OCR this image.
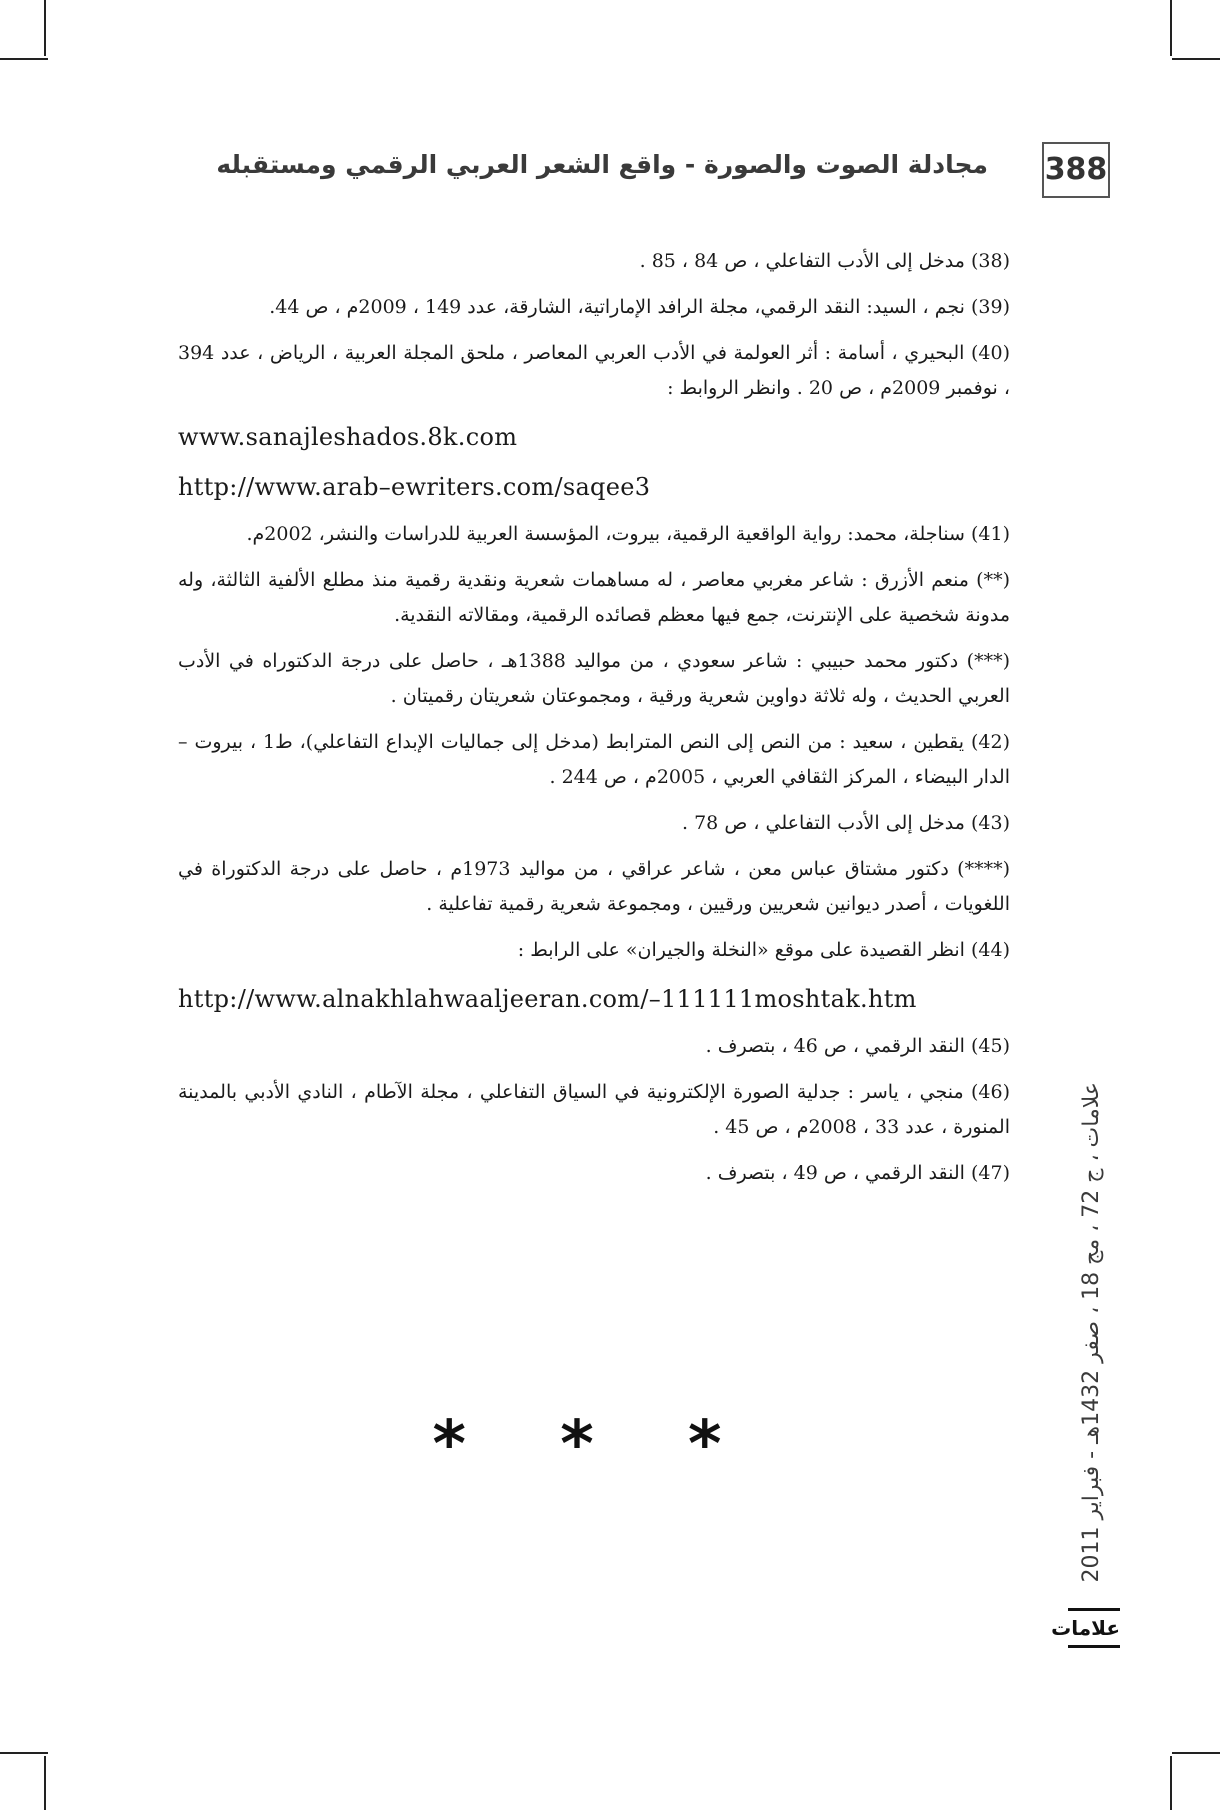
مجادلة الصوت والصورة - واقع الشعر العربي الرقمي ومستقبله 388
(38) مدخل إلى الأدب التفاعلي ، ص 84 ، 85 .
(39) نجم ، السيد: النقد الرقمي، مجلة الرافد الإماراتية، الشارقة، عدد 149 ، 2009م ، ص 44.
(40) البحيري ، أسامة : أثر العولمة في الأدب العربي المعاصر ، ملحق المجلة العربية ، الرياض ، عدد 394 ، نوفمبر 2009م ، ص 20 . وانظر الروابط :
www.sanajleshados.8k.com
http://www.arab–ewriters.com/saqee3
(41) سناجلة، محمد: رواية الواقعية الرقمية، بيروت، المؤسسة العربية للدراسات والنشر، 2002م.
(**) منعم الأزرق : شاعر مغربي معاصر ، له مساهمات شعرية ونقدية رقمية منذ مطلع الألفية الثالثة، وله مدونة شخصية على الإنترنت، جمع فيها معظم قصائده الرقمية، ومقالاته النقدية.
(***) دكتور محمد حبيبي : شاعر سعودي ، من مواليد 1388هـ ، حاصل على درجة الدكتوراه في الأدب العربي الحديث ، وله ثلاثة دواوين شعرية ورقية ، ومجموعتان شعريتان رقميتان .
(42) يقطين ، سعيد : من النص إلى النص المترابط (مدخل إلى جماليات الإبداع التفاعلي)، ط1 ، بيروت –الدار البيضاء ، المركز الثقافي العربي ، 2005م ، ص 244 .
(43) مدخل إلى الأدب التفاعلي ، ص 78 .
(****) دكتور مشتاق عباس معن ، شاعر عراقي ، من مواليد 1973م ، حاصل على درجة الدكتوراة في اللغويات ، أصدر ديوانين شعريين ورقيين ، ومجموعة شعرية رقمية تفاعلية .
(44) انظر القصيدة على موقع «النخلة والجيران» على الرابط :
http://www.alnakhlahwaaljeeran.com/–111111moshtak.htm
(45) النقد الرقمي ، ص 46 ، بتصرف .
(46) منجي ، ياسر : جدلية الصورة الإلكترونية في السياق التفاعلي ، مجلة الآطام ، النادي الأدبي بالمدينة المنورة ، عدد 33 ، 2008م ، ص 45 .
(47) النقد الرقمي ، ص 49 ، بتصرف .
* * *
علامات ، ج 72 ، مج 18 ، صفر 1432هـ - فبراير 2011
علامات
